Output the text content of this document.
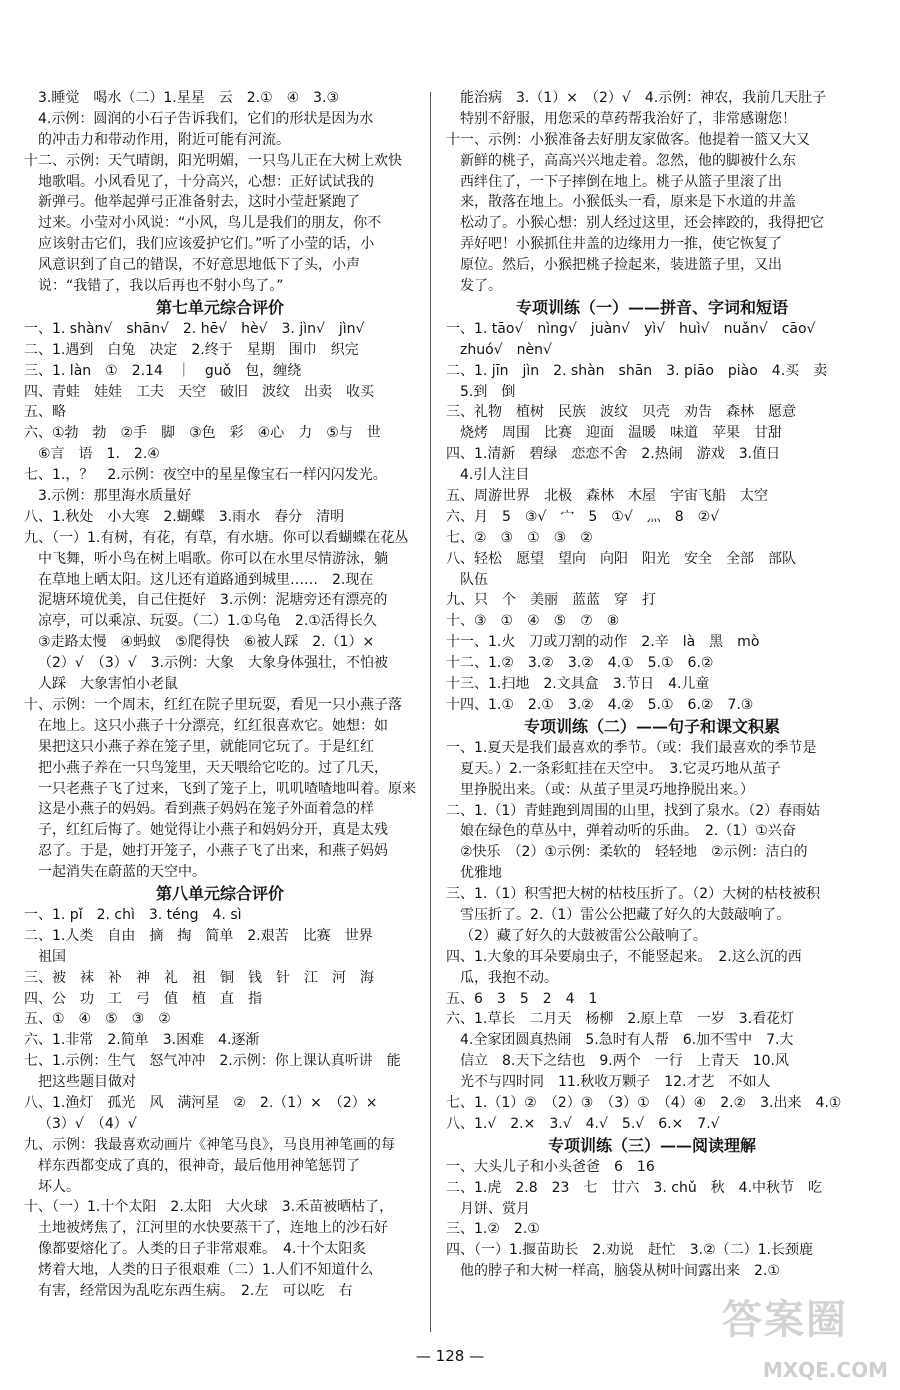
3.睡觉　喝水（二）1.星星　云　2.①　④　3.③
4.示例：圆润的小石子告诉我们，它们的形状是因为水
的冲击力和带动作用，附近可能有河流。
十二、示例：天气晴朗，阳光明媚，一只鸟儿正在大树上欢快
地歌唱。小风看见了，十分高兴，心想：正好试试我的
新弹弓。他举起弹弓正准备射去，这时小莹赶紧跑了
过来。小莹对小风说：“小风，鸟儿是我们的朋友，你不
应该射击它们，我们应该爱护它们。”听了小莹的话，小
风意识到了自己的错误，不好意思地低下了头，小声
说：“我错了，我以后再也不射小鸟了。”
第七单元综合评价
一、1. shàn√　shān√　2. hē√　hè√　3. jìn√　jìn√
二、1.遇到　白兔　决定　2.终于　星期　围巾　织完
三、1. làn　①　2.14　｜　guǒ　包，缠绕
四、青蛙　娃娃　工夫　天空　破旧　波纹　出卖　收买
五、略
六、①勃　勃　②手　脚　③色　彩　④心　力　⑤与　世
⑥言　语　1.　2.④
七、1.，？　2.示例：夜空中的星星像宝石一样闪闪发光。
3.示例：那里海水质量好
八、1.秋处　小大寒　2.蝴蝶　3.雨水　春分　清明
九、（一）1.有树，有花，有草，有水塘。你可以看蝴蝶在花丛
中飞舞，听小鸟在树上唱歌。你可以在水里尽情游泳，躺
在草地上晒太阳。这儿还有道路通到城里……　2.现在
泥塘环境优美，自己住挺好　3.示例：泥塘旁还有漂亮的
凉亭，可以乘凉、玩耍。（二）1.①乌龟　2.①活得长久
③走路太慢　④蚂蚁　⑤爬得快　⑥被人踩　2.（1）×
（2）√　（3）√　3.示例：大象　大象身体强壮，不怕被
人踩　大象害怕小老鼠
十、示例：一个周末，红红在院子里玩耍，看见一只小燕子落
在地上。这只小燕子十分漂亮，红红很喜欢它。她想：如
果把这只小燕子养在笼子里，就能同它玩了。于是红红
把小燕子养在一只鸟笼里，天天喂给它吃的。过了几天，
一只老燕子飞了过来，飞到了笼子上，叽叽喳喳地叫着。原来
这是小燕子的妈妈。看到燕子妈妈在笼子外面着急的样
子，红红后悔了。她觉得让小燕子和妈妈分开，真是太残
忍了。于是，她打开笼子，小燕子飞了出来，和燕子妈妈
一起消失在蔚蓝的天空中。
第八单元综合评价
一、1. pǐ　2. chì　3. téng　4. sì
二、1.人类　自由　摘　掏　简单　2.艰苦　比赛　世界
祖国
三、被　袜　补　神　礼　祖　铜　钱　针　江　河　海
四、公　功　工　弓　值　植　直　指
五、①　④　⑤　③　②
六、1.非常　2.简单　3.困难　4.逐渐
七、1.示例：生气　怒气冲冲　2.示例：你上课认真听讲　能
把这些题目做对
八、1.渔灯　孤光　风　满河星　②　2.（1）×　（2）×
（3）√　（4）√
九、示例：我最喜欢动画片《神笔马良》，马良用神笔画的每
样东西都变成了真的，很神奇，最后他用神笔惩罚了
坏人。
十、（一）1.十个太阳　2.太阳　大火球　3.禾苗被晒枯了，
土地被烤焦了，江河里的水快要蒸干了，连地上的沙石好
像都要熔化了。人类的日子非常艰难。　4.十个太阳炙
烤着大地，人类的日子很艰难（二）1.人们不知道什么
有害，经常因为乱吃东西生病。　2.左　可以吃　右
能治病　3.（1）×　（2）√　4.示例：神农，我前几天肚子
特别不舒服，用您采的草药帮我治好了，非常感谢您！
十一、示例：小猴准备去好朋友家做客。他提着一篮又大又
新鲜的桃子，高高兴兴地走着。忽然，他的脚被什么东
西绊住了，一下子摔倒在地上。桃子从篮子里滚了出
来，散落在地上。小猴低头一看，原来是下水道的井盖
松动了。小猴心想：别人经过这里，还会摔跤的，我得把它
弄好吧！小猴抓住井盖的边缘用力一推，使它恢复了
原位。然后，小猴把桃子捡起来，装进篮子里，又出
发了。
专项训练（一）——拼音、字词和短语
一、1. tāo√　nìng√　juàn√　yì√　huì√　nuǎn√　cāo√
zhuó√　nèn√
二、1. jīn　jìn　2. shàn　shān　3. piāo　piào　4.买　卖
5.到　倒
三、礼物　植树　民族　波纹　贝壳　劝告　森林　愿意
烧烤　周围　比赛　迎面　温暖　味道　苹果　甘甜
四、1.清新　碧绿　恋恋不舍　2.热闹　游戏　3.值日
4.引人注目
五、周游世界　北极　森林　木屋　宇宙飞船　太空
六、月　5　③√　宀　5　①√　灬　8　②√
七、②　③　①　③　②
八、轻松　愿望　望向　向阳　阳光　安全　全部　部队
队伍
九、只　个　美丽　蓝蓝　穿　打
十、③　①　④　⑤　⑦　⑧
十一、1.火　刀或刀割的动作　2.辛　là　黑　mò
十二、1.②　3.②　3.②　4.①　5.①　6.②
十三、1.扫地　2.文具盒　3.节日　4.儿童
十四、1.①　2.①　3.②　4.②　5.①　6.②　7.③
专项训练（二）——句子和课文积累
一、1.夏天是我们最喜欢的季节。（或：我们最喜欢的季节是
夏天。）2.一条彩虹挂在天空中。　3.它灵巧地从茧子
里挣脱出来。（或：从茧子里灵巧地挣脱出来。）
二、1.（1）青蛙跑到周围的山里，找到了泉水。（2）春雨姑
娘在绿色的草丛中，弹着动听的乐曲。　2.（1）①兴奋
②快乐　（2）①示例：柔软的　轻轻地　②示例：洁白的
优雅地
三、1.（1）积雪把大树的枯枝压折了。（2）大树的枯枝被积
雪压折了。2.（1）雷公公把藏了好久的大鼓敲响了。
（2）藏了好久的大鼓被雷公公敲响了。
四、1.大象的耳朵要扇虫子，不能竖起来。　2.这么沉的西
瓜，我抱不动。
五、6　3　5　2　4　1
六、1.草长　二月天　杨柳　2.原上草　一岁　3.看花灯
4.全家团圆真热闹　5.急时有人帮　6.加不雪中　7.大
信立　8.天下之结也　9.两个　一行　上青天　10.风
光不与四时同　11.秋收万颗子　12.才艺　不如人
七、1.（1）②　（2）③　（3）①　（4）④　2.②　3.出来　4.①
八、1.√　2.×　3.√　4.√　5.√　6.×　7.√
专项训练（三）——阅读理解
一、大头儿子和小头爸爸　6　16
二、1.虎　2.8　23　七　廿六　3. chǔ　秋　4.中秋节　吃
月饼、赏月
三、1.②　2.①
四、（一）1.揠苗助长　2.劝说　赶忙　3.②（二）1.长颈鹿
他的脖子和大树一样高，脑袋从树叶间露出来　2.①
— 128 —
答案圈
MXQE.COM
